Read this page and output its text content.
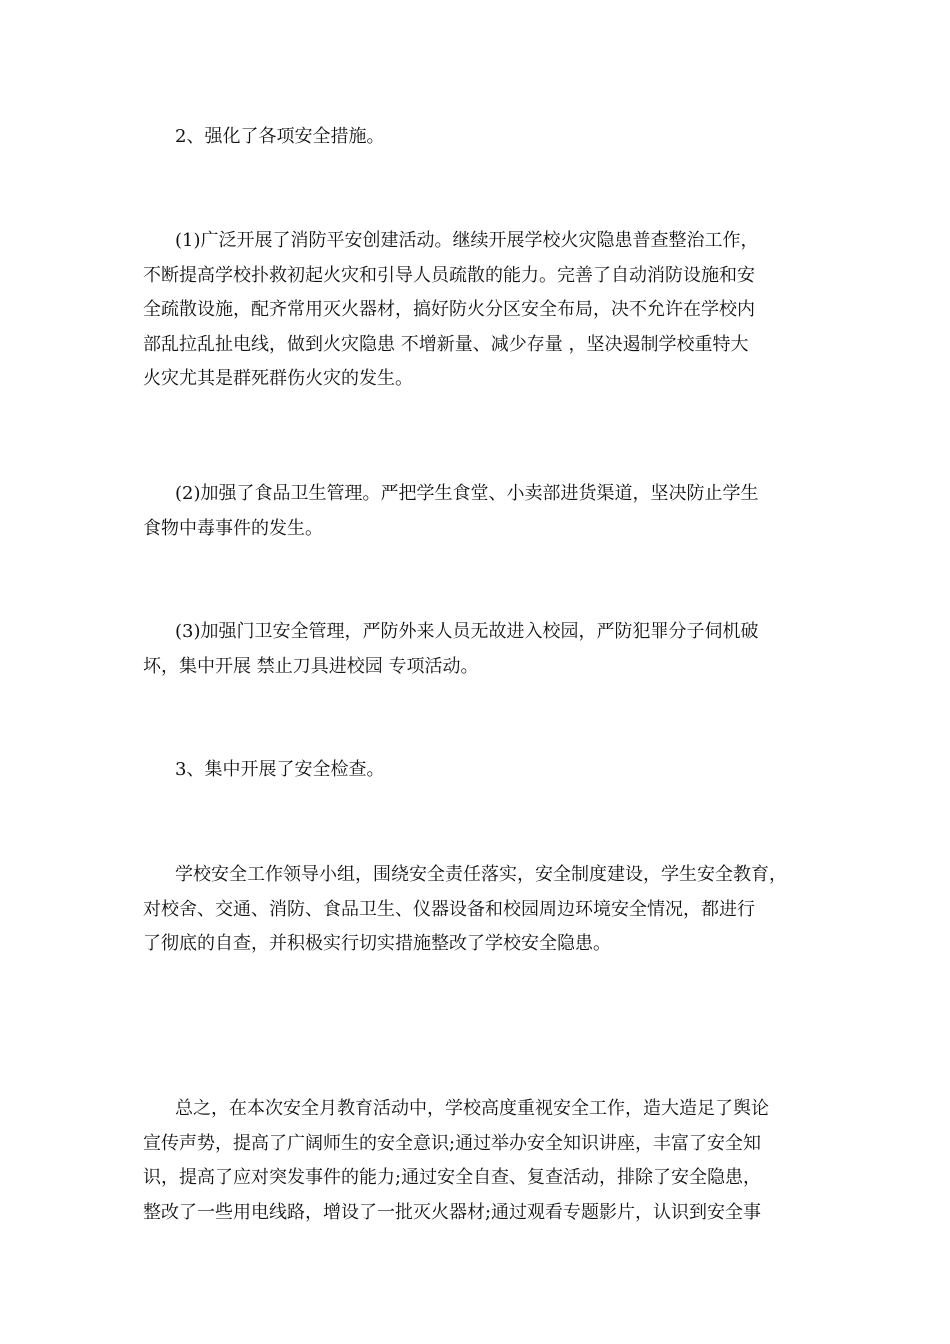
2、强化了各项安全措施。
(1)广泛开展了消防平安创建活动。继续开展学校火灾隐患普查整治工作，
不断提高学校扑救初起火灾和引导人员疏散的能力。完善了自动消防设施和安
全疏散设施，配齐常用灭火器材，搞好防火分区安全布局，决不允许在学校内
部乱拉乱扯电线，做到火灾隐患 不增新量、减少存量 ，坚决遏制学校重特大
火灾尤其是群死群伤火灾的发生。
(2)加强了食品卫生管理。严把学生食堂、小卖部进货渠道，坚决防止学生
食物中毒事件的发生。
(3)加强门卫安全管理，严防外来人员无故进入校园，严防犯罪分子伺机破
坏，集中开展 禁止刀具进校园 专项活动。
3、集中开展了安全检查。
学校安全工作领导小组，围绕安全责任落实，安全制度建设，学生安全教育，
对校舍、交通、消防、食品卫生、仪器设备和校园周边环境安全情况，都进行
了彻底的自查，并积极实行切实措施整改了学校安全隐患。
总之，在本次安全月教育活动中，学校高度重视安全工作，造大造足了舆论
宣传声势，提高了广阔师生的安全意识;通过举办安全知识讲座，丰富了安全知
识，提高了应对突发事件的能力;通过安全自查、复查活动，排除了安全隐患，
整改了一些用电线路，增设了一批灭火器材;通过观看专题影片，认识到安全事
